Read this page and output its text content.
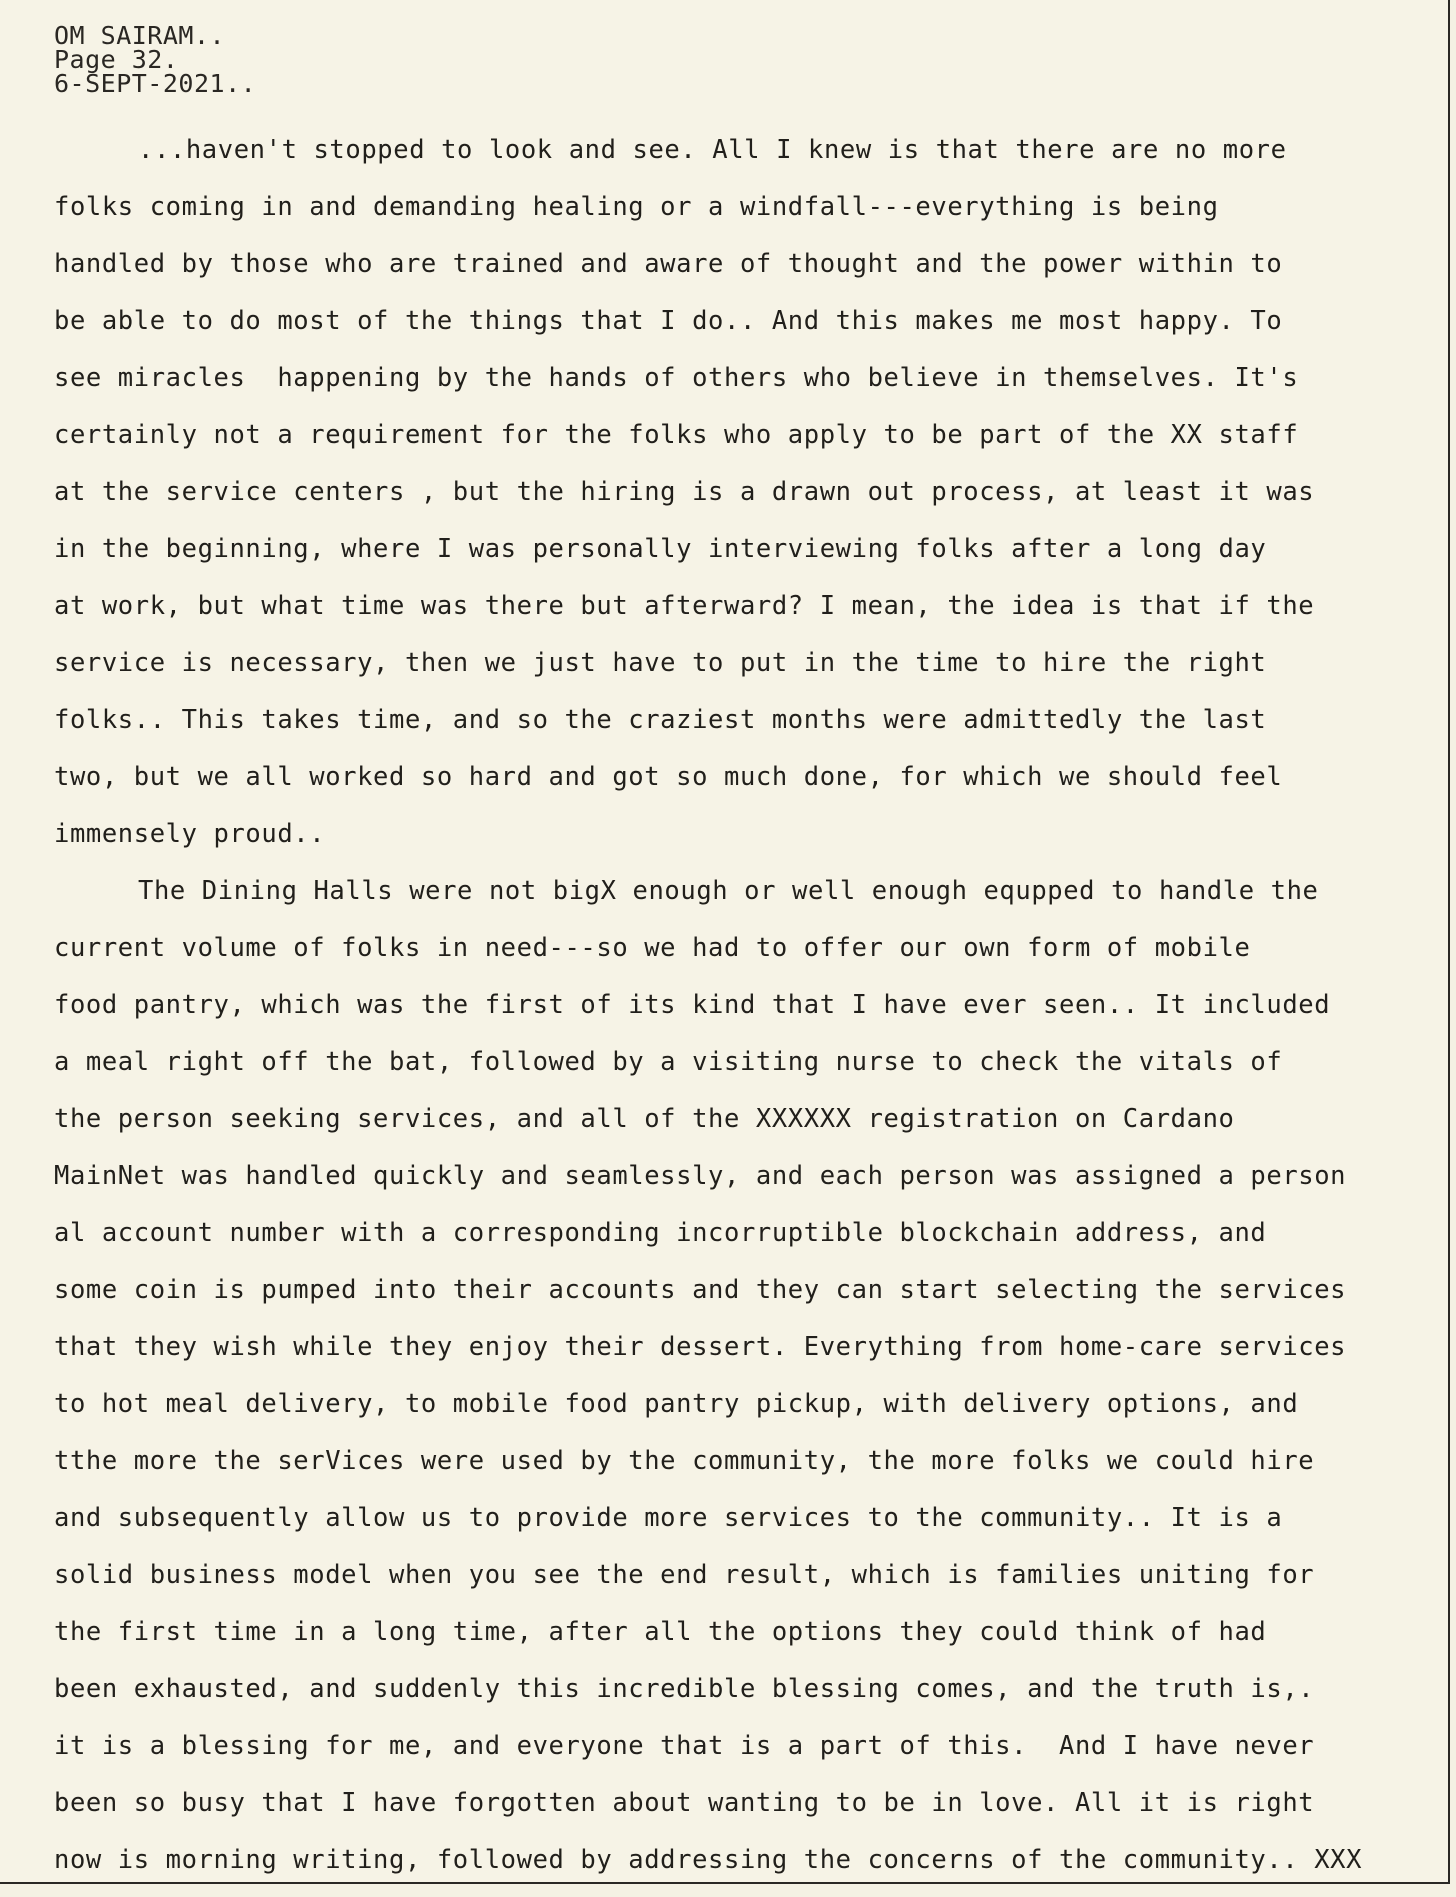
OM SAIRAM..
Page 32.
6-SEPT-2021..
...haven't stopped to look and see. All I knew is that there are no more
folks coming in and demanding healing or a windfall---everything is being
handled by those who are trained and aware of thought and the power within to
be able to do most of the things that I do.. And this makes me most happy. To
see miracles  happening by the hands of others who believe in themselves. It's
certainly not a requirement for the folks who apply to be part of the XX staff
at the service centers , but the hiring is a drawn out process, at least it was
in the beginning, where I was personally interviewing folks after a long day
at work, but what time was there but afterward? I mean, the idea is that if the
service is necessary, then we just have to put in the time to hire the right
folks.. This takes time, and so the craziest months were admittedly the last
two, but we all worked so hard and got so much done, for which we should feel
immensely proud..
The Dining Halls were not bigX enough or well enough equpped to handle the
current volume of folks in need---so we had to offer our own form of mobile
food pantry, which was the first of its kind that I have ever seen.. It included
a meal right off the bat, followed by a visiting nurse to check the vitals of
the person seeking services, and all of the XXXXXX registration on Cardano
MainNet was handled quickly and seamlessly, and each person was assigned a person
al account number with a corresponding incorruptible blockchain address, and
some coin is pumped into their accounts and they can start selecting the services
that they wish while they enjoy their dessert. Everything from home-care services
to hot meal delivery, to mobile food pantry pickup, with delivery options, and
tthe more the serVices were used by the community, the more folks we could hire
and subsequently allow us to provide more services to the community.. It is a
solid business model when you see the end result, which is families uniting for
the first time in a long time, after all the options they could think of had
been exhausted, and suddenly this incredible blessing comes, and the truth is,.
it is a blessing for me, and everyone that is a part of this.  And I have never
been so busy that I have forgotten about wanting to be in love. All it is right
now is morning writing, followed by addressing the concerns of the community.. XXX
